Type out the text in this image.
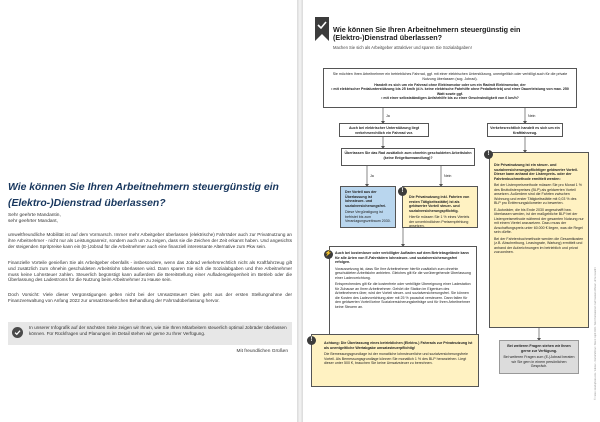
Wie können Sie Ihren Arbeitnehmern steuergünstig ein (Elektro-)Dienstrad überlassen?
Sehr geehrte Mandantin,
sehr geehrter Mandant,
umweltfreundliche Mobilität ist auf dem Vormarsch. Immer mehr Arbeitgeber überlassen (elektrische) Fahrräder auch zur Privatnutzung an ihre Arbeitnehmer - nicht nur als Leistungsanreiz, sondern auch um zu zeigen, dass sie die Zeichen der Zeit erkannt haben. Und angesichts der steigenden Spritpreise kann ein (E-)Jobrad für die Arbeitnehmer auch eine finanziell interessante Alternative zum Pkw sein.
Finanzielle Vorteile genießen Sie als Arbeitgeber ebenfalls - insbesondere, wenn das Jobrad verkehrsrechtlich nicht als Kraftfahrzeug gilt und zusätzlich zum ohnehin geschuldeten Arbeitslohn überlassen wird. Dann sparen Sie sich die Sozialabgaben und Ihre Arbeitnehmer muss keine Lohnsteuer zahlen. Steuerlich begünstigt kann außerdem die Bereitstellung einer Aufladengelegenheit im Betrieb oder die Überlassung des Ladestroms für die Nutzung beim Arbeitnehmer zu Hause sein.
Doch Vorsicht: Viele dieser Vergünstigungen gelten nicht bei der Umsatzsteuer! Dies geht aus der ersten Stellungnahme der Finanzverwaltung von Anfang 2022 zur umsatzsteuerlichen Behandlung der Fahrradüberlassung hervor.
In unserer Infografik auf der nächsten Seite zeigen wir Ihnen, wie Sie Ihren Mitarbeitern steuerlich optimal Jobräder überlassen können. Für Rückfragen und Planungen im Detail stehen wir gerne zu Ihrer Verfügung.
Mit freundlichen Grüßen
Wie können Sie Ihren Arbeitnehmern steuergünstig ein (Elektro-)Dienstrad überlassen?
Machen Sie sich als Arbeitgeber attraktiver und sparen Sie Sozialabgaben!
Sie möchten Ihren Arbeitnehmer ein betriebliches Fahrrad, ggf. mit einer elektrischen Unterstützung, unentgeltlich oder verbilligt auch für die private Nutzung überlassen (sog. Jobrad).
Handelt es sich um ein Fahrrad ohne Elektromotor oder um ein Radmit Elektromotor, der
• mit elektrischer Pedalunterstützung bis 25 km/h (d.h. keine elektrische Fahrhilfe ohne Pedalbetrieb) und einer Dauerleistung von max. 250 Watt sowie ggf.
• mit einer selbstständigen Anfahrhilfe bis zu einer Geschwindigkeit von 6 km/h?
Ja	Nein
Auch bei elektrischer Unterstützung liegt verkehrsrechtlich ein Fahrrad vor.
Verkehrsrechtlich handelt es sich um ein Kraftfahrzeug.
Überlassen Sie das Rad zusätzlich zum ohnehin geschuldeten Arbeitslohn (keine Entgeltumwandlung)?
Ja	Nein
Der Vorteil aus der Überlassung ist lohnsteuer- und sozialversicherungsfrei.
Diese Vergünstigung ist befristet bis zum Veranlagungszeitraum 2030.
Die Privatnutzung inkl. Fahrten von ersten Tätigkeitsstätte) ist als geldwerter Vorteil steuer- und sozialversicherungspflichtig.
Hierfür müssen Sie 1 % eines Viertels der unverbindlichen Preisempfehlung ansetzen.
!
Die Privatnutzung ist ein steuer- und sozialversicherungspflichtiger geldwerter Vorteil. Dieser kann anhand der Listenpreis- oder der Fahrtenbuchmethode ermittelt werden:
Bei der Listenpreismethode müssen Sie pro Monat 1 % des Bruttolistenpreises (BLP) als geldwerten Vorteil ansetzen. Außerdem sind die Fahrten zwischen Wohnung und erster Tätigkeitsstätte mit 0,03 % des BLP pro Entfernungskilometer zu bewerten.
E-Autoräder, die bis Ende 2030 angeschafft bzw. überlassen werden, ist der maßgebliche BLP bei der Listenpreismethode während der gesamten Nutzung nur mit einem Viertel anzusetzen. Dazu muss der Anschaffungspreis unter 60.000 € liegen, was die Regel sein dürfte.
Bei der Fahrtenbuchmethode werden die Gesamtkosten (z.B. Abschreibung, Leasingrate, Wartung) ermittelt und anhand der Aufzeichnungen im betrieblich und privat zuzuordnen.
!
Auch bei kostenloser oder verbilligter Aufladen auf dem Betriebsgelände kann für alle Arten von E-Fahrrädern lohnsteuer- und sozialversicherungsfrei erfolgen.
Voraussetzung ist, dass Sie Ihre Arbeitnehmer hierfür zusätzlich zum ohnehin geschuldeten Arbeitslohn anbieten. Gleiches gilt für die vorübergehende Überlassung einer Ladevorrichtung.
Entsprechendes gilt für die kostenfreie oder verbilligte Übereignung einer Ladestation für Zuhause an Ihren Arbeitnehmer. Gehört die Station im Eigentum des Arbeitnehmers über, wird der Vorteil steuer- und sozialversicherungsfrei. Sie können die Kosten des Ladevorrichtung aber mit 25 % pauschal versteuern. Dann fallen für den geldwerten Vorteil keine Sozialversicherungsbeiträge und für Ihren Arbeitnehmer keine Steuern an.
⚡
Achtung: Die Überlassung eines betrieblichen (Elektro-) Fahrrads zur Privatnutzung ist als unentgeltliche Wertabgabe umsatzsteuerpflichtig!
Die Bemessungsgrundlage ist der monatliche lohnsteuerliche und sozialversicherungsfreie Vorteil. Als Bemessungsgrundlage können Sie monatlich 1 % des BLP heranziehen. Liegt dieser unter 500 €, brauchen Sie keine Umsatzsteuer zu berechnen.
!
Bei weiteren Fragen stehen wir Ihnen gerne zur Verfügung.
Bei weiteren Fragen zum (E-)Jobrad beraten wir Sie gern in einem persönlichen Gespräch.	© Fotos: istockphoto.com / Jobrad - Dienstfahrrad / Stand: April 2022 / Alle Informationen nach bestem Wissen, ohne Gewähr
